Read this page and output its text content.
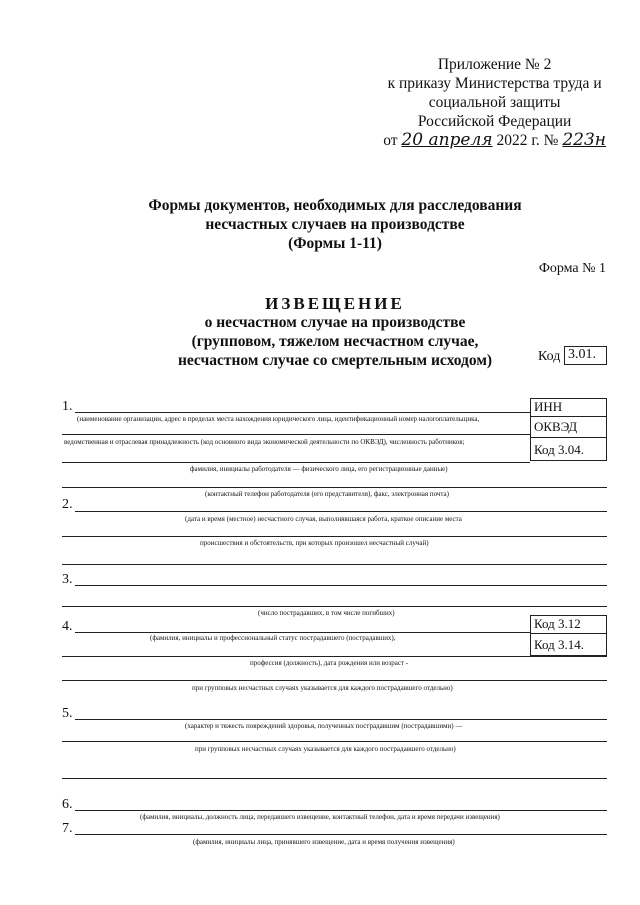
Приложение № 2
к приказу Министерства труда и
социальной защиты
Российской Федерации
от 20 апреля 2022 г. № 223н
Формы документов, необходимых для расследования
несчастных случаев на производстве
(Формы 1-11)
Форма № 1
ИЗВЕЩЕНИЕ
о несчастном случае на производстве
(групповом, тяжелом несчастном случае,
несчастном случае со смертельным исходом)	Код 3.01.
1.
(наименование организации, адрес в пределах места нахождения юридического лица, идентификационный номер налогоплательщика,
ведомственная и отраслевая принадлежность (код основного вида экономической деятельности по ОКВЭД), численность работников;
фамилия, инициалы работодателя — физического лица, его регистрационные данные)
(контактный телефон работодателя (его представителя), факс, электронная почта)
ИНН
ОКВЭД
Код 3.04.
2.
(дата и время (местное) несчастного случая, выполнявшаяся работа, краткое описание места
происшествия и обстоятельств, при которых произошел несчастный случай)
3.
(число пострадавших, в том числе погибших)
4.
(фамилия, инициалы и профессиональный статус пострадавшего (пострадавших),
профессия (должность), дата рождения или возраст -
при групповых несчастных случаях указывается для каждого пострадавшего отдельно)
Код 3.12
Код 3.14.
5.
(характер и тяжесть повреждений здоровья, полученных пострадавшим (пострадавшими) —
при групповых несчастных случаях указывается для каждого пострадавшего отдельно)
6.
(фамилия, инициалы, должность лица, передавшего извещение, контактный телефон, дата и время передачи извещения)
7.
(фамилия, инициалы лица, принявшего извещение, дата и время получения извещения)
